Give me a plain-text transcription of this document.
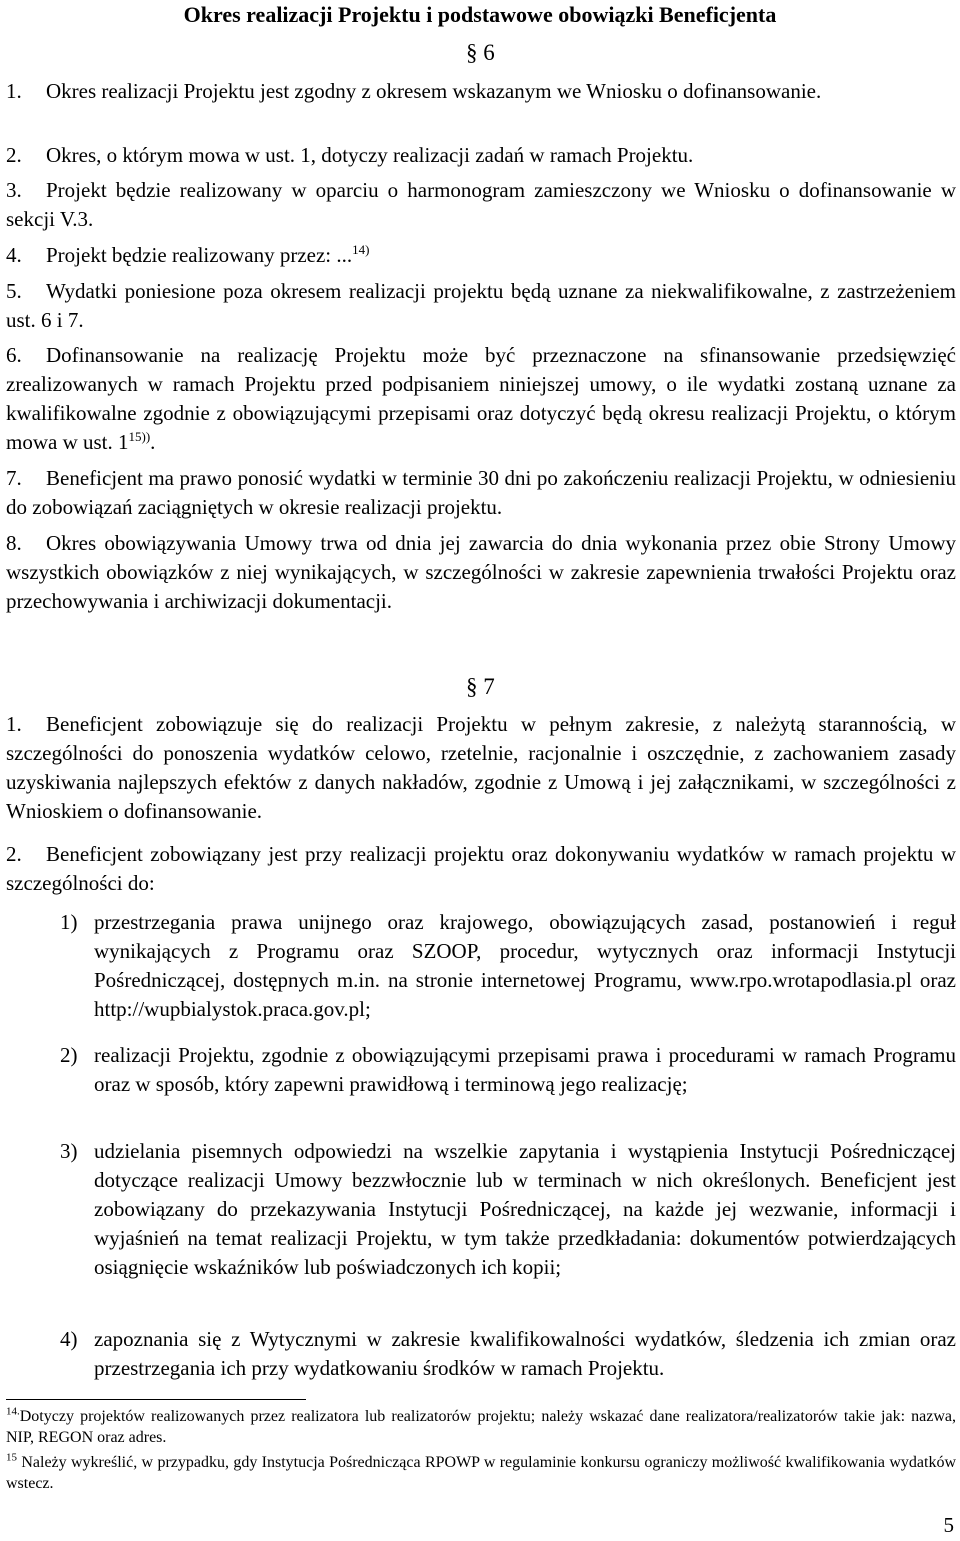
Okres realizacji Projektu i podstawowe obowiązki Beneficjenta
§ 6
1. Okres realizacji Projektu jest zgodny z okresem wskazanym we Wniosku o dofinansowanie.
2. Okres, o którym mowa w ust. 1, dotyczy realizacji zadań w ramach Projektu.
3. Projekt będzie realizowany w oparciu o harmonogram zamieszczony we Wniosku o dofinansowanie w sekcji V.3.
4. Projekt będzie realizowany przez: ...$^{14)}$
5. Wydatki poniesione poza okresem realizacji projektu będą uznane za niekwalifikowalne, z zastrzeżeniem ust. 6 i 7.
6. Dofinansowanie na realizację Projektu może być przeznaczone na sfinansowanie przedsięwzięć zrealizowanych w ramach Projektu przed podpisaniem niniejszej umowy, o ile wydatki zostaną uznane za kwalifikowalne zgodnie z obowiązującymi przepisami oraz dotyczyć będą okresu realizacji Projektu, o którym mowa w ust. $1^{15))}$.
7. Beneficjent ma prawo ponosić wydatki w terminie 30 dni po zakończeniu realizacji Projektu, w odniesieniu do zobowiązań zaciągniętych w okresie realizacji projektu.
8. Okres obowiązywania Umowy trwa od dnia jej zawarcia do dnia wykonania przez obie Strony Umowy wszystkich obowiązków z niej wynikających, w szczególności w zakresie zapewnienia trwałości Projektu oraz przechowywania i archiwizacji dokumentacji.
§ 7
1. Beneficjent zobowiązuje się do realizacji Projektu w pełnym zakresie, z należytą starannością, w szczególności do ponoszenia wydatków celowo, rzetelnie, racjonalnie i oszczędnie, z zachowaniem zasady uzyskiwania najlepszych efektów z danych nakładów, zgodnie z Umową i jej załącznikami, w szczególności z Wnioskiem o dofinansowanie.
2. Beneficjent zobowiązany jest przy realizacji projektu oraz dokonywaniu wydatków w ramach projektu w szczególności do:
1) przestrzegania prawa unijnego oraz krajowego, obowiązujących zasad, postanowień i reguł wynikających z Programu oraz SZOOP, procedur, wytycznych oraz informacji Instytucji Pośredniczącej, dostępnych m.in. na stronie internetowej Programu, www.rpo.wrotapodlasia.pl oraz http://wupbialystok.praca.gov.pl;
2) realizacji Projektu, zgodnie z obowiązującymi przepisami prawa i procedurami w ramach Programu oraz w sposób, który zapewni prawidłową i terminową jego realizację;
3) udzielania pisemnych odpowiedzi na wszelkie zapytania i wystąpienia Instytucji Pośredniczącej dotyczące realizacji Umowy bezzwłocznie lub w terminach w nich określonych. Beneficjent jest zobowiązany do przekazywania Instytucji Pośredniczącej, na każde jej wezwanie, informacji i wyjaśnień na temat realizacji Projektu, w tym także przedkładania: dokumentów potwierdzających osiągnięcie wskaźników lub poświadczonych ich kopii;
4) zapoznania się z Wytycznymi w zakresie kwalifikowalności wydatków, śledzenia ich zmian oraz przestrzegania ich przy wydatkowaniu środków w ramach Projektu.
$^{14.}$Dotyczy projektów realizowanych przez realizatora lub realizatorów projektu; należy wskazać dane realizatora/realizatorów takie jak: nazwa, NIP, REGON oraz adres.
$^{15}$ Należy wykreślić, w przypadku, gdy Instytucja Pośrednicząca RPOWP w regulaminie konkursu ograniczy możliwość kwalifikowania wydatków wstecz.
5
